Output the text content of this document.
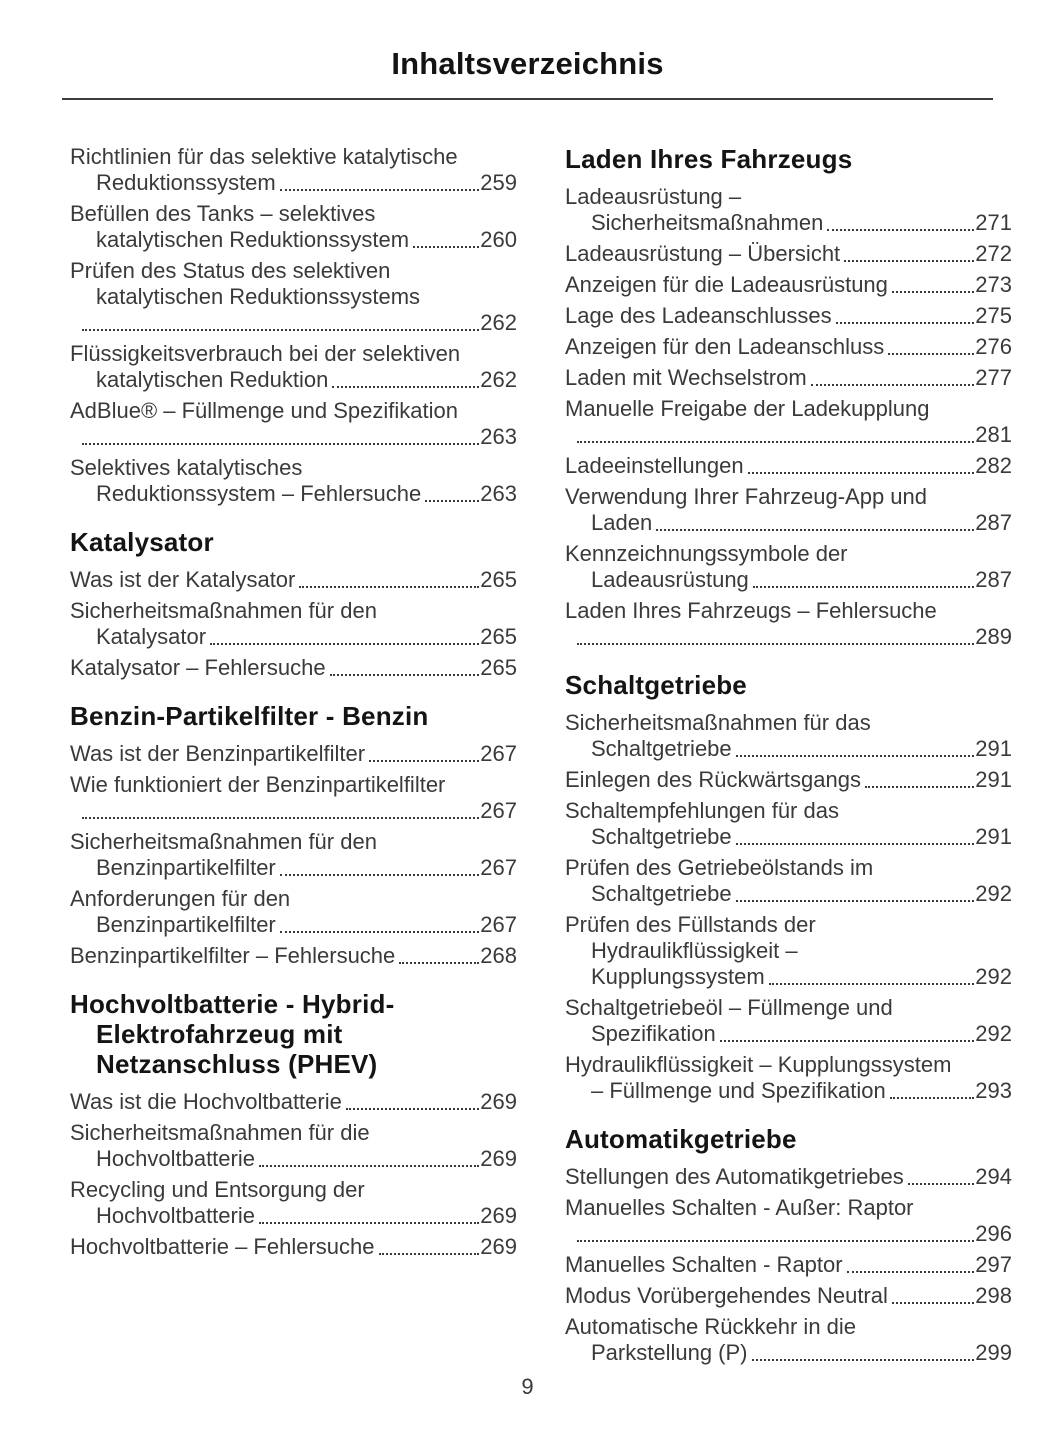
Inhaltsverzeichnis
Richtlinien für das selektive katalytische
Reduktionssystem	259
Befüllen des Tanks – selektives
katalytischen Reduktionssystem	260
Prüfen des Status des selektiven
katalytischen Reduktionssystems
262
Flüssigkeitsverbrauch bei der selektiven
katalytischen Reduktion	262
AdBlue® – Füllmenge und Spezifikation
263
Selektives katalytisches
Reduktionssystem – Fehlersuche	263
Katalysator
Was ist der Katalysator	265
Sicherheitsmaßnahmen für den
Katalysator	265
Katalysator – Fehlersuche	265
Benzin-Partikelfilter - Benzin
Was ist der Benzinpartikelfilter	267
Wie funktioniert der Benzinpartikelfilter
267
Sicherheitsmaßnahmen für den
Benzinpartikelfilter	267
Anforderungen für den
Benzinpartikelfilter	267
Benzinpartikelfilter – Fehlersuche	268
Hochvoltbatterie - Hybrid-
Elektrofahrzeug mit
Netzanschluss (PHEV)
Was ist die Hochvoltbatterie	269
Sicherheitsmaßnahmen für die
Hochvoltbatterie	269
Recycling und Entsorgung der
Hochvoltbatterie	269
Hochvoltbatterie – Fehlersuche	269
Laden Ihres Fahrzeugs
Ladeausrüstung –
Sicherheitsmaßnahmen	271
Ladeausrüstung – Übersicht	272
Anzeigen für die Ladeausrüstung	273
Lage des Ladeanschlusses	275
Anzeigen für den Ladeanschluss	276
Laden mit Wechselstrom	277
Manuelle Freigabe der Ladekupplung
281
Ladeeinstellungen	282
Verwendung Ihrer Fahrzeug-App und
Laden	287
Kennzeichnungssymbole der
Ladeausrüstung	287
Laden Ihres Fahrzeugs – Fehlersuche
289
Schaltgetriebe
Sicherheitsmaßnahmen für das
Schaltgetriebe	291
Einlegen des Rückwärtsgangs	291
Schaltempfehlungen für das
Schaltgetriebe	291
Prüfen des Getriebeölstands im
Schaltgetriebe	292
Prüfen des Füllstands der
Hydraulikflüssigkeit –
Kupplungssystem	292
Schaltgetriebeöl – Füllmenge und
Spezifikation	292
Hydraulikflüssigkeit – Kupplungssystem
– Füllmenge und Spezifikation	293
Automatikgetriebe
Stellungen des Automatikgetriebes	294
Manuelles Schalten - Außer: Raptor
296
Manuelles Schalten - Raptor	297
Modus Vorübergehendes Neutral	298
Automatische Rückkehr in die
Parkstellung (P)	299
9
